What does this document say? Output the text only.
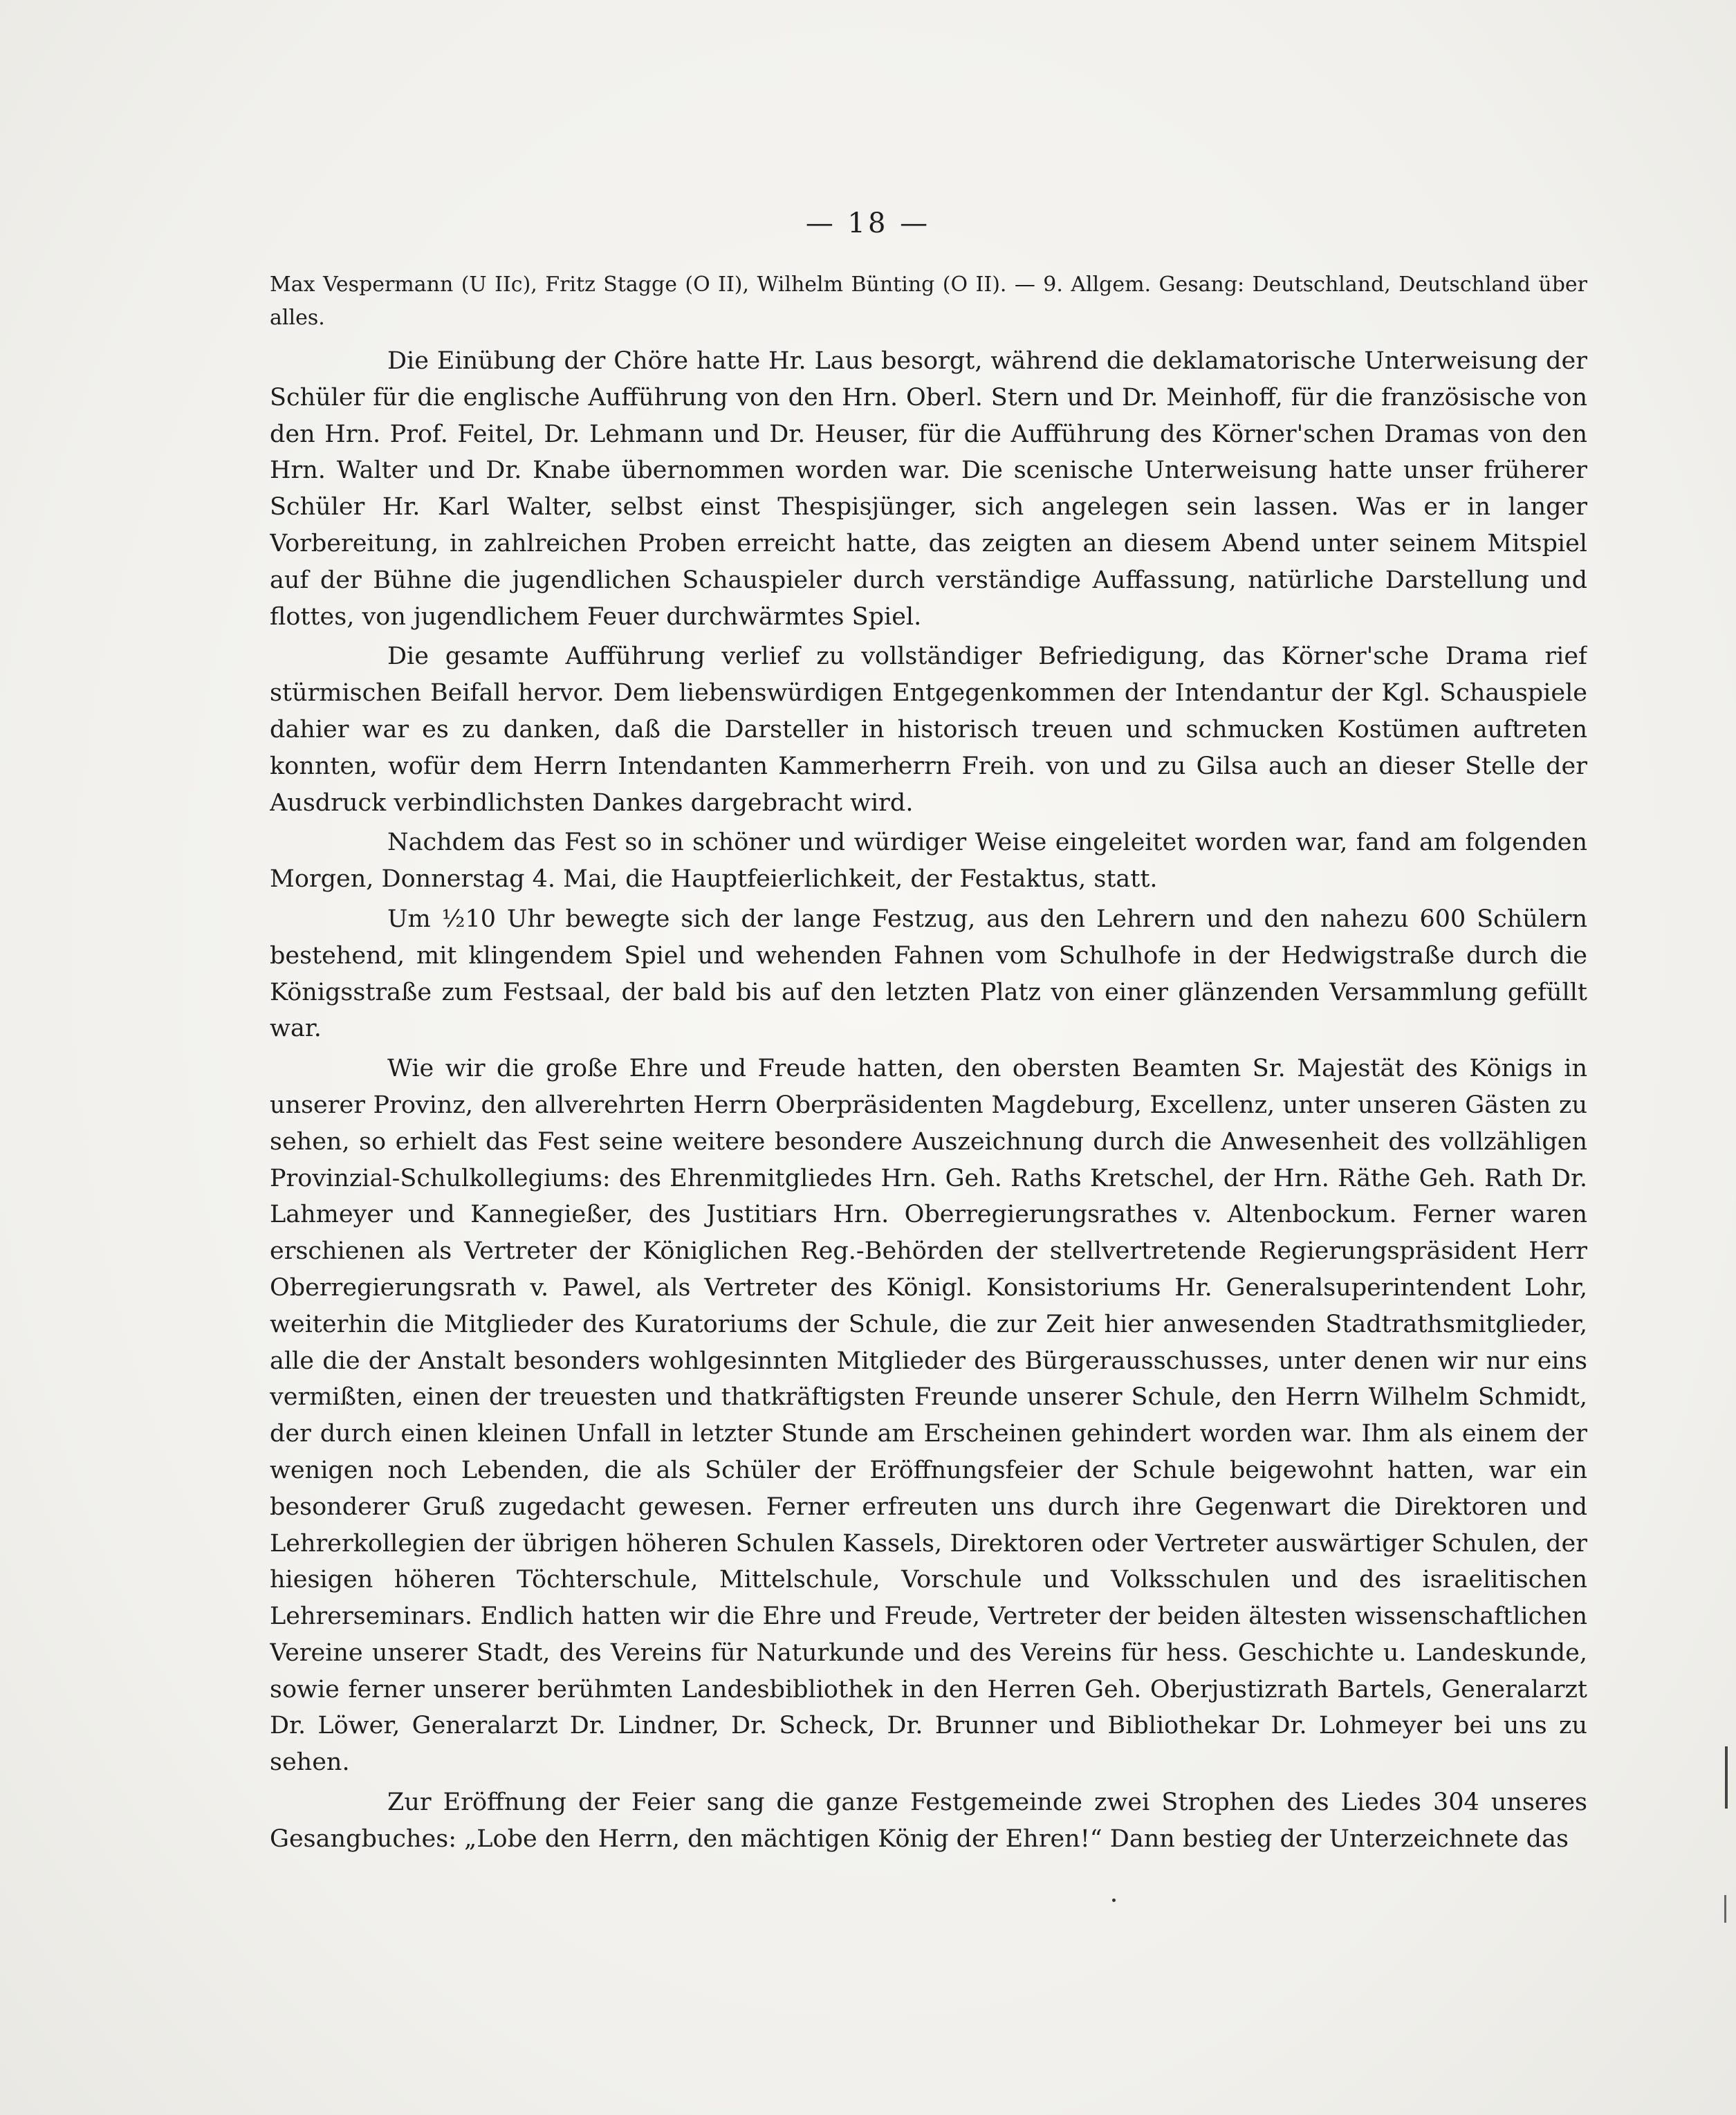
— 18 —

Max Vespermann (U IIc), Fritz Stagge (O II), Wilhelm Bünting (O II). — 9. Allgem. Gesang: Deutschland, Deutschland über alles.

Die Einübung der Chöre hatte Hr. Laus besorgt, während die deklamatorische Unterweisung der Schüler für die englische Aufführung von den Hrn. Oberl. Stern und Dr. Meinhoff, für die französische von den Hrn. Prof. Feitel, Dr. Lehmann und Dr. Heuser, für die Aufführung des Körner'schen Dramas von den Hrn. Walter und Dr. Knabe übernommen worden war. Die scenische Unterweisung hatte unser früherer Schüler Hr. Karl Walter, selbst einst Thespisjünger, sich angelegen sein lassen. Was er in langer Vorbereitung, in zahlreichen Proben erreicht hatte, das zeigten an diesem Abend unter seinem Mitspiel auf der Bühne die jugendlichen Schauspieler durch verständige Auffassung, natürliche Darstellung und flottes, von jugendlichem Feuer durchwärmtes Spiel.

Die gesamte Aufführung verlief zu vollständiger Befriedigung, das Körner'sche Drama rief stürmischen Beifall hervor. Dem liebenswürdigen Entgegenkommen der Intendantur der Kgl. Schauspiele dahier war es zu danken, daß die Darsteller in historisch treuen und schmucken Kostümen auftreten konnten, wofür dem Herrn Intendanten Kammerherrn Freih. von und zu Gilsa auch an dieser Stelle der Ausdruck verbindlichsten Dankes dargebracht wird.

Nachdem das Fest so in schöner und würdiger Weise eingeleitet worden war, fand am folgenden Morgen, Donnerstag 4. Mai, die Hauptfeierlichkeit, der Festaktus, statt.

Um ½10 Uhr bewegte sich der lange Festzug, aus den Lehrern und den nahezu 600 Schülern bestehend, mit klingendem Spiel und wehenden Fahnen vom Schulhofe in der Hedwigstraße durch die Königsstraße zum Festsaal, der bald bis auf den letzten Platz von einer glänzenden Versammlung gefüllt war.

Wie wir die große Ehre und Freude hatten, den obersten Beamten Sr. Majestät des Königs in unserer Provinz, den allverehrten Herrn Oberpräsidenten Magdeburg, Excellenz, unter unseren Gästen zu sehen, so erhielt das Fest seine weitere besondere Auszeichnung durch die Anwesenheit des vollzähligen Provinzial-Schulkollegiums: des Ehrenmitgliedes Hrn. Geh. Raths Kretschel, der Hrn. Räthe Geh. Rath Dr. Lahmeyer und Kannegießer, des Justitiars Hrn. Oberregierungsrathes v. Altenbockum. Ferner waren erschienen als Vertreter der Königlichen Reg.-Behörden der stellvertretende Regierungspräsident Herr Oberregierungsrath v. Pawel, als Vertreter des Königl. Konsistoriums Hr. Generalsuperintendent Lohr, weiterhin die Mitglieder des Kuratoriums der Schule, die zur Zeit hier anwesenden Stadtrathsmitglieder, alle die der Anstalt besonders wohlgesinnten Mitglieder des Bürgerausschusses, unter denen wir nur eins vermißten, einen der treuesten und thatkräftigsten Freunde unserer Schule, den Herrn Wilhelm Schmidt, der durch einen kleinen Unfall in letzter Stunde am Erscheinen gehindert worden war. Ihm als einem der wenigen noch Lebenden, die als Schüler der Eröffnungsfeier der Schule beigewohnt hatten, war ein besonderer Gruß zugedacht gewesen. Ferner erfreuten uns durch ihre Gegenwart die Direktoren und Lehrerkollegien der übrigen höheren Schulen Kassels, Direktoren oder Vertreter auswärtiger Schulen, der hiesigen höheren Töchterschule, Mittelschule, Vorschule und Volksschulen und des israelitischen Lehrerseminars. Endlich hatten wir die Ehre und Freude, Vertreter der beiden ältesten wissenschaftlichen Vereine unserer Stadt, des Vereins für Naturkunde und des Vereins für hess. Geschichte u. Landeskunde, sowie ferner unserer berühmten Landesbibliothek in den Herren Geh. Oberjustizrath Bartels, Generalarzt Dr. Löwer, Generalarzt Dr. Lindner, Dr. Scheck, Dr. Brunner und Bibliothekar Dr. Lohmeyer bei uns zu sehen.

Zur Eröffnung der Feier sang die ganze Festgemeinde zwei Strophen des Liedes 304 unseres Gesangbuches: „Lobe den Herrn, den mächtigen König der Ehren!“ Dann bestieg der Unterzeichnete das
